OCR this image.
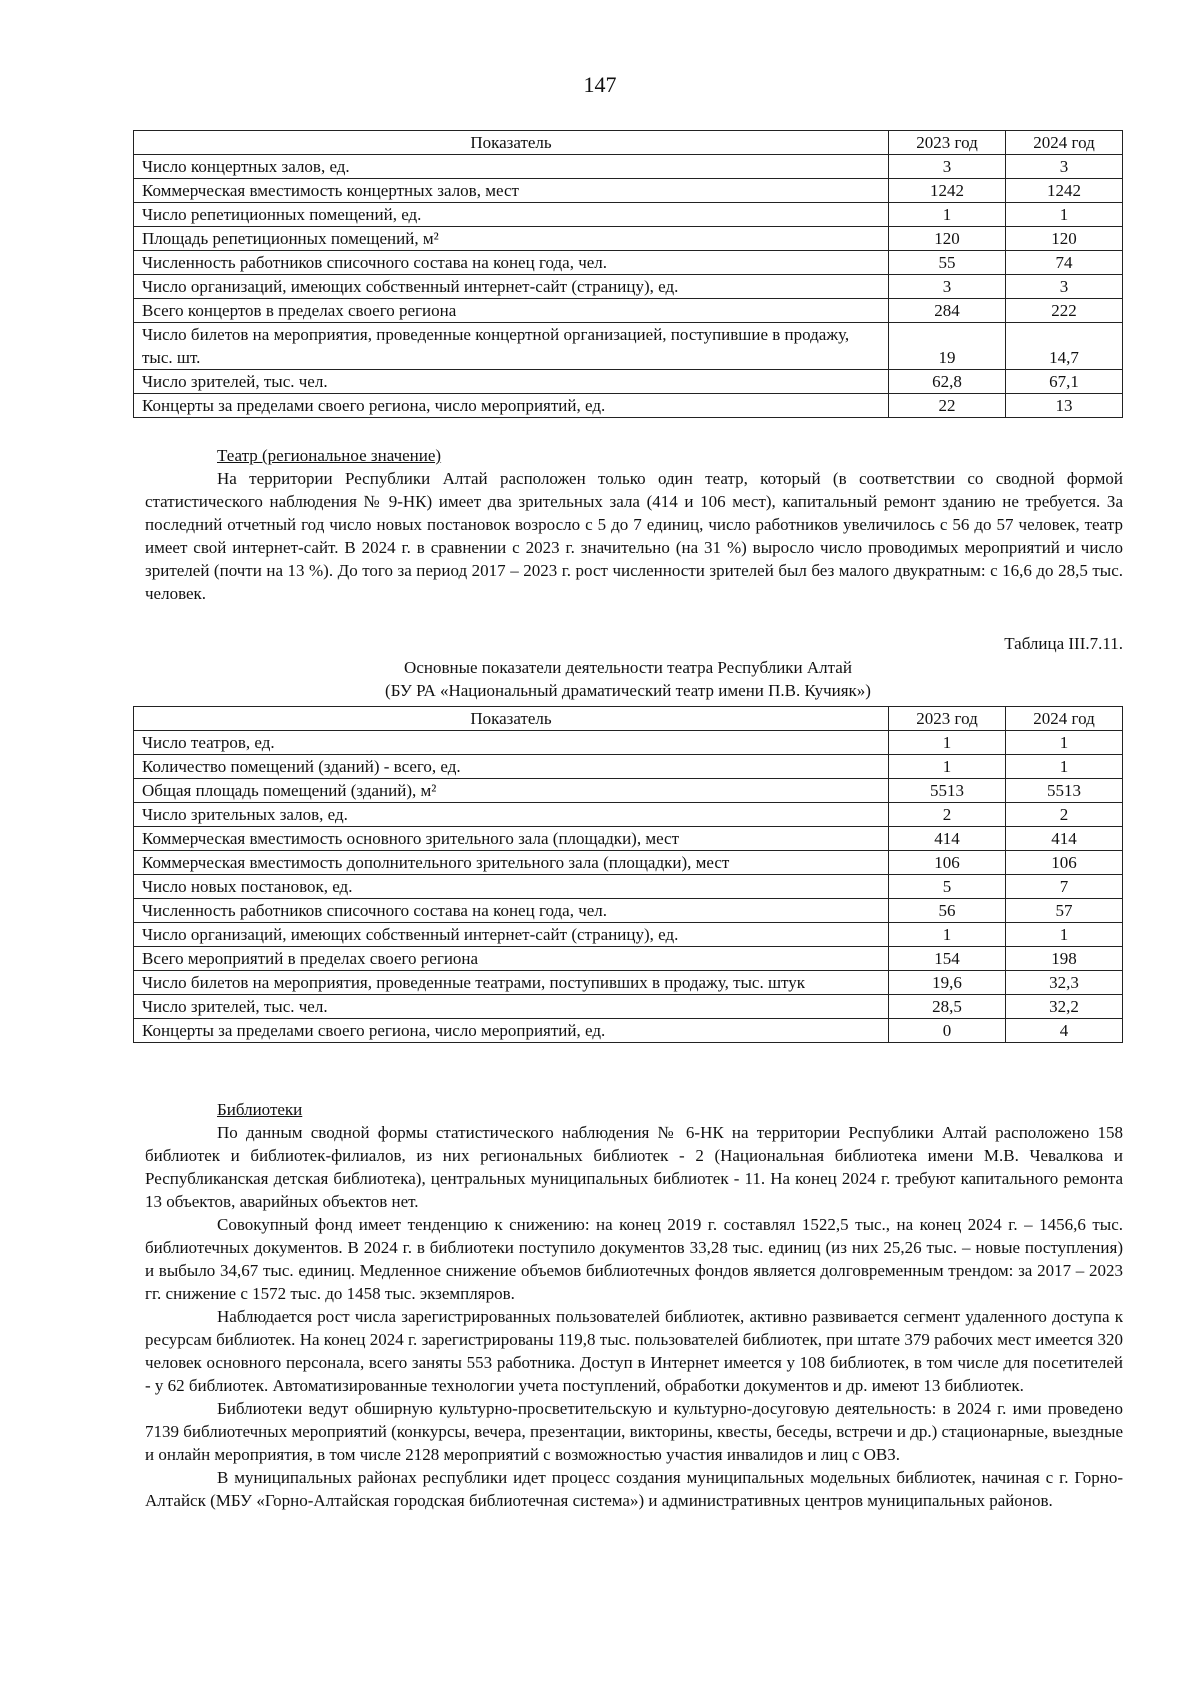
147
Показатель	2023 год	2024 год
Число концертных залов, ед.	3	3
Коммерческая вместимость концертных залов, мест	1242	1242
Число репетиционных помещений, ед.	1	1
Площадь репетиционных помещений, м²	120	120
Численность работников списочного состава на конец года, чел.	55	74
Число организаций, имеющих собственный интернет-сайт (страницу), ед.	3	3
Всего концертов в пределах своего региона	284	222
Число билетов на мероприятия, проведенные концертной организацией, поступившие в продажу, тыс. шт.	19	14,7
Число зрителей, тыс. чел.	62,8	67,1
Концерты за пределами своего региона, число мероприятий, ед.	22	13
Театр (региональное значение)

На территории Республики Алтай расположен только один театр, который (в соответствии со сводной формой статистического наблюдения № 9-НК) имеет два зрительных зала (414 и 106 мест), капитальный ремонт зданию не требуется. За последний отчетный год число новых постановок возросло с 5 до 7 единиц, число работников увеличилось с 56 до 57 человек, театр имеет свой интернет-сайт. В 2024 г. в сравнении с 2023 г. значительно (на 31 %) выросло число проводимых мероприятий и число зрителей (почти на 13 %). До того за период 2017 – 2023 г. рост численности зрителей был без малого двукратным: с 16,6 до 28,5 тыс. человек.

Таблица III.7.11.
Основные показатели деятельности театра Республики Алтай
(БУ РА «Национальный драматический театр имени П.В. Кучияк»)
Показатель	2023 год	2024 год
Число театров, ед.	1	1
Количество помещений (зданий) - всего, ед.	1	1
Общая площадь помещений (зданий), м²	5513	5513
Число зрительных залов, ед.	2	2
Коммерческая вместимость основного зрительного зала (площадки), мест	414	414
Коммерческая вместимость дополнительного зрительного зала (площадки), мест	106	106
Число новых постановок, ед.	5	7
Численность работников списочного состава на конец года, чел.	56	57
Число организаций, имеющих собственный интернет-сайт (страницу), ед.	1	1
Всего мероприятий в пределах своего региона	154	198
Число билетов на мероприятия, проведенные театрами, поступивших в продажу, тыс. штук	19,6	32,3
Число зрителей, тыс. чел.	28,5	32,2
Концерты за пределами своего региона, число мероприятий, ед.	0	4
Библиотеки

По данным сводной формы статистического наблюдения № 6-НК на территории Республики Алтай расположено 158 библиотек и библиотек-филиалов, из них региональных библиотек - 2 (Национальная библиотека имени М.В. Чевалкова и Республиканская детская библиотека), центральных муниципальных библиотек - 11. На конец 2024 г. требуют капитального ремонта 13 объектов, аварийных объектов нет.

Совокупный фонд имеет тенденцию к снижению: на конец 2019 г. составлял 1522,5 тыс., на конец 2024 г. – 1456,6 тыс. библиотечных документов. В 2024 г. в библиотеки поступило документов 33,28 тыс. единиц (из них 25,26 тыс. – новые поступления) и выбыло 34,67 тыс. единиц. Медленное снижение объемов библиотечных фондов является долговременным трендом: за 2017 – 2023 гг. снижение с 1572 тыс. до 1458 тыс. экземпляров.

Наблюдается рост числа зарегистрированных пользователей библиотек, активно развивается сегмент удаленного доступа к ресурсам библиотек. На конец 2024 г. зарегистрированы 119,8 тыс. пользователей библиотек, при штате 379 рабочих мест имеется 320 человек основного персонала, всего заняты 553 работника. Доступ в Интернет имеется у 108 библиотек, в том числе для посетителей - у 62 библиотек. Автоматизированные технологии учета поступлений, обработки документов и др. имеют 13 библиотек.

Библиотеки ведут обширную культурно-просветительскую и культурно-досуговую деятельность: в 2024 г. ими проведено 7139 библиотечных мероприятий (конкурсы, вечера, презентации, викторины, квесты, беседы, встречи и др.) стационарные, выездные и онлайн мероприятия, в том числе 2128 мероприятий с возможностью участия инвалидов и лиц с ОВЗ.

В муниципальных районах республики идет процесс создания муниципальных модельных библиотек, начиная с г. Горно-Алтайск (МБУ «Горно-Алтайская городская библиотечная система») и административных центров муниципальных районов.
